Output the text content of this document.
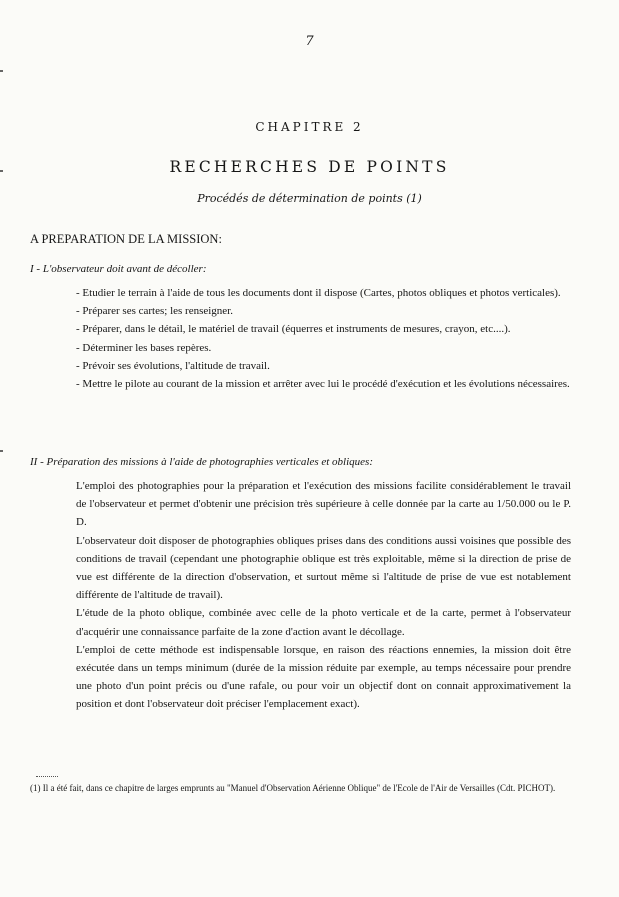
7
CHAPITRE 2
RECHERCHES DE POINTS
Procédés de détermination de points (1)
A PREPARATION DE LA MISSION:
I - L'observateur doit avant de décoller:

- Etudier le terrain à l'aide de tous les documents dont il dispose (Cartes, photos obliques et photos verticales).

- Préparer ses cartes; les renseigner.

- Préparer, dans le détail, le matériel de travail (équerres et instruments de mesures, crayon, etc....).

- Déterminer les bases repères.

- Prévoir ses évolutions, l'altitude de travail.

- Mettre le pilote au courant de la mission et arrêter avec lui le procédé d'exécution et les évolutions nécessaires.

II - Préparation des missions à l'aide de photographies verticales et obliques:

L'emploi des photographies pour la préparation et l'exécution des missions facilite considérablement le travail de l'observateur et permet d'obtenir une précision très supérieure à celle donnée par la carte au 1/50.000 ou le P. D.

L'observateur doit disposer de photographies obliques prises dans des conditions aussi voisines que possible des conditions de travail (cependant une photographie oblique est très exploitable, même si la direction de prise de vue est différente de la direction d'observation, et surtout même si l'altitude de prise de vue est notablement différente de l'altitude de travail).

L'étude de la photo oblique, combinée avec celle de la photo verticale et de la carte, permet à l'observateur d'acquérir une connaissance parfaite de la zone d'action avant le décollage.

L'emploi de cette méthode est indispensable lorsque, en raison des réactions ennemies, la mission doit être exécutée dans un temps minimum (durée de la mission réduite par exemple, au temps nécessaire pour prendre une photo d'un point précis ou d'une rafale, ou pour voir un objectif dont on connait approximativement la position et dont l'observateur doit préciser l'emplacement exact).

(1) Il a été fait, dans ce chapitre de larges emprunts au "Manuel d'Observation Aérienne Oblique" de l'Ecole de l'Air de Versailles (Cdt. PICHOT).
